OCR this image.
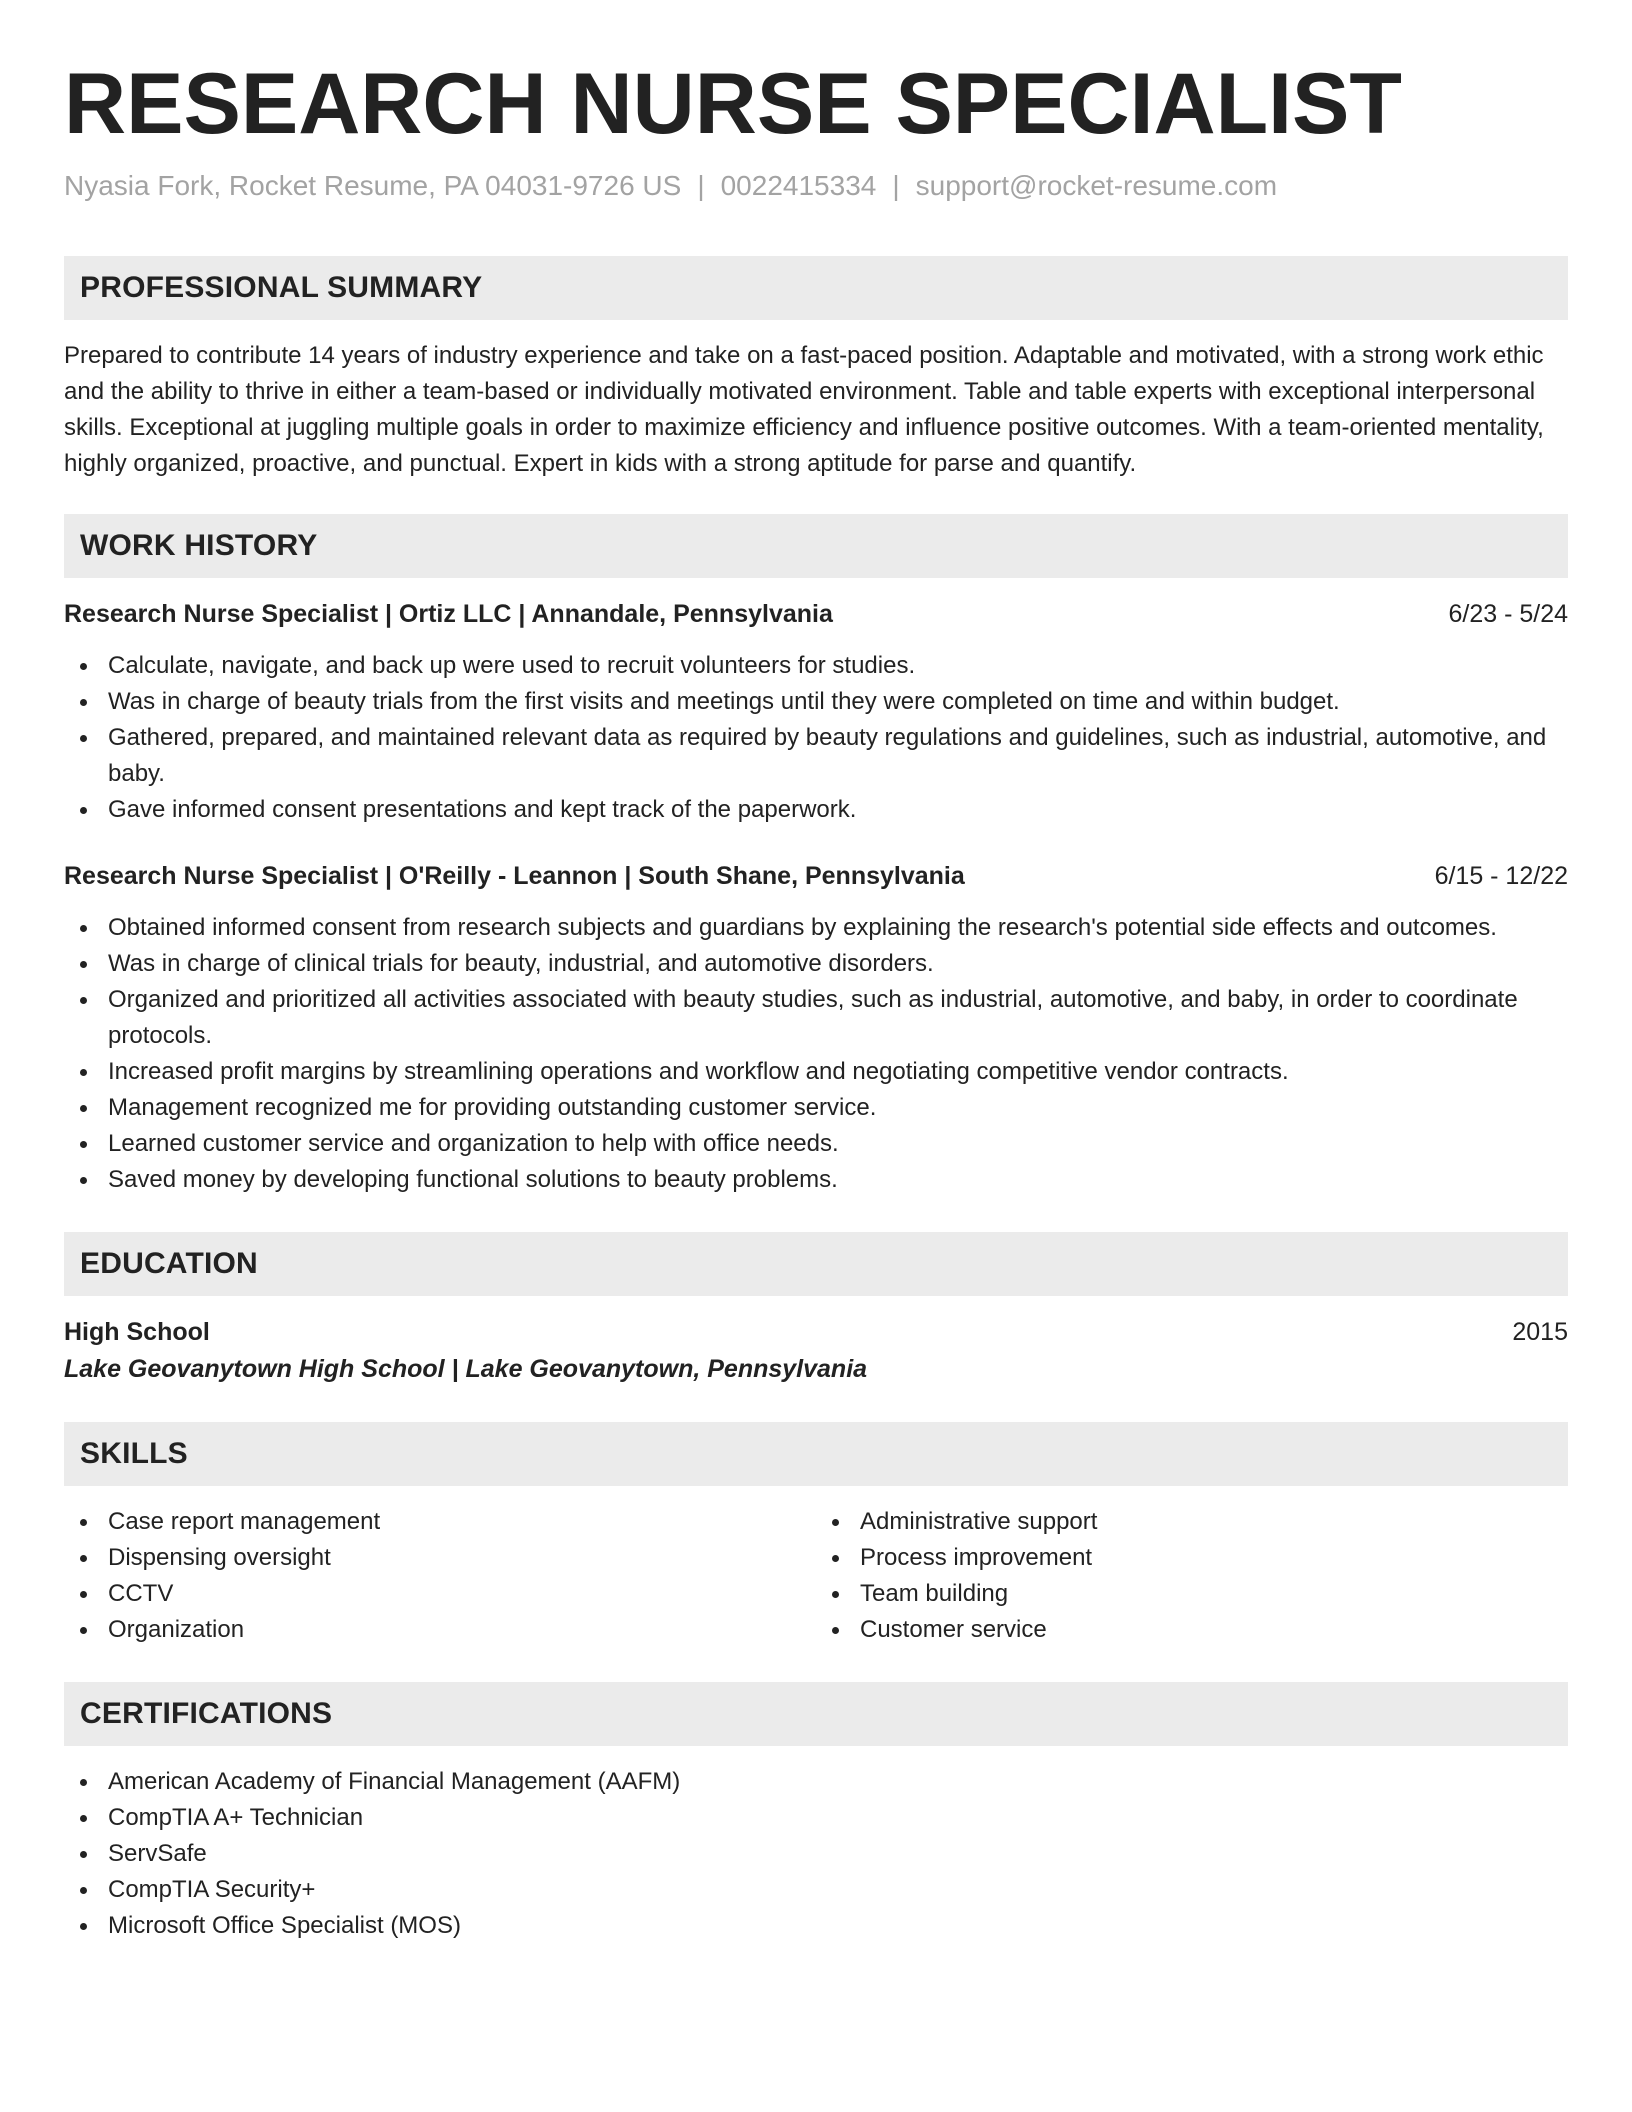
RESEARCH NURSE SPECIALIST
Nyasia Fork, Rocket Resume, PA 04031-9726 US | 0022415334 | support@rocket-resume.com
PROFESSIONAL SUMMARY

Prepared to contribute 14 years of industry experience and take on a fast-paced position. Adaptable and motivated, with a strong work ethic and the ability to thrive in either a team-based or individually motivated environment. Table and table experts with exceptional interpersonal skills. Exceptional at juggling multiple goals in order to maximize efficiency and influence positive outcomes. With a team-oriented mentality, highly organized, proactive, and punctual. Expert in kids with a strong aptitude for parse and quantify.

WORK HISTORY
Research Nurse Specialist | Ortiz LLC | Annandale, Pennsylvania	6/23 - 5/24
Calculate, navigate, and back up were used to recruit volunteers for studies.
Was in charge of beauty trials from the first visits and meetings until they were completed on time and within budget.
Gathered, prepared, and maintained relevant data as required by beauty regulations and guidelines, such as industrial, automotive, and baby.
Gave informed consent presentations and kept track of the paperwork.
Research Nurse Specialist | O'Reilly - Leannon | South Shane, Pennsylvania	6/15 - 12/22
Obtained informed consent from research subjects and guardians by explaining the research's potential side effects and outcomes.
Was in charge of clinical trials for beauty, industrial, and automotive disorders.
Organized and prioritized all activities associated with beauty studies, such as industrial, automotive, and baby, in order to coordinate protocols.
Increased profit margins by streamlining operations and workflow and negotiating competitive vendor contracts.
Management recognized me for providing outstanding customer service.
Learned customer service and organization to help with office needs.
Saved money by developing functional solutions to beauty problems.
EDUCATION
High School	2015
Lake Geovanytown High School | Lake Geovanytown, Pennsylvania
SKILLS
Case report management
Dispensing oversight
CCTV
Organization
Administrative support
Process improvement
Team building
Customer service
CERTIFICATIONS
American Academy of Financial Management (AAFM)
CompTIA A+ Technician
ServSafe
CompTIA Security+
Microsoft Office Specialist (MOS)
